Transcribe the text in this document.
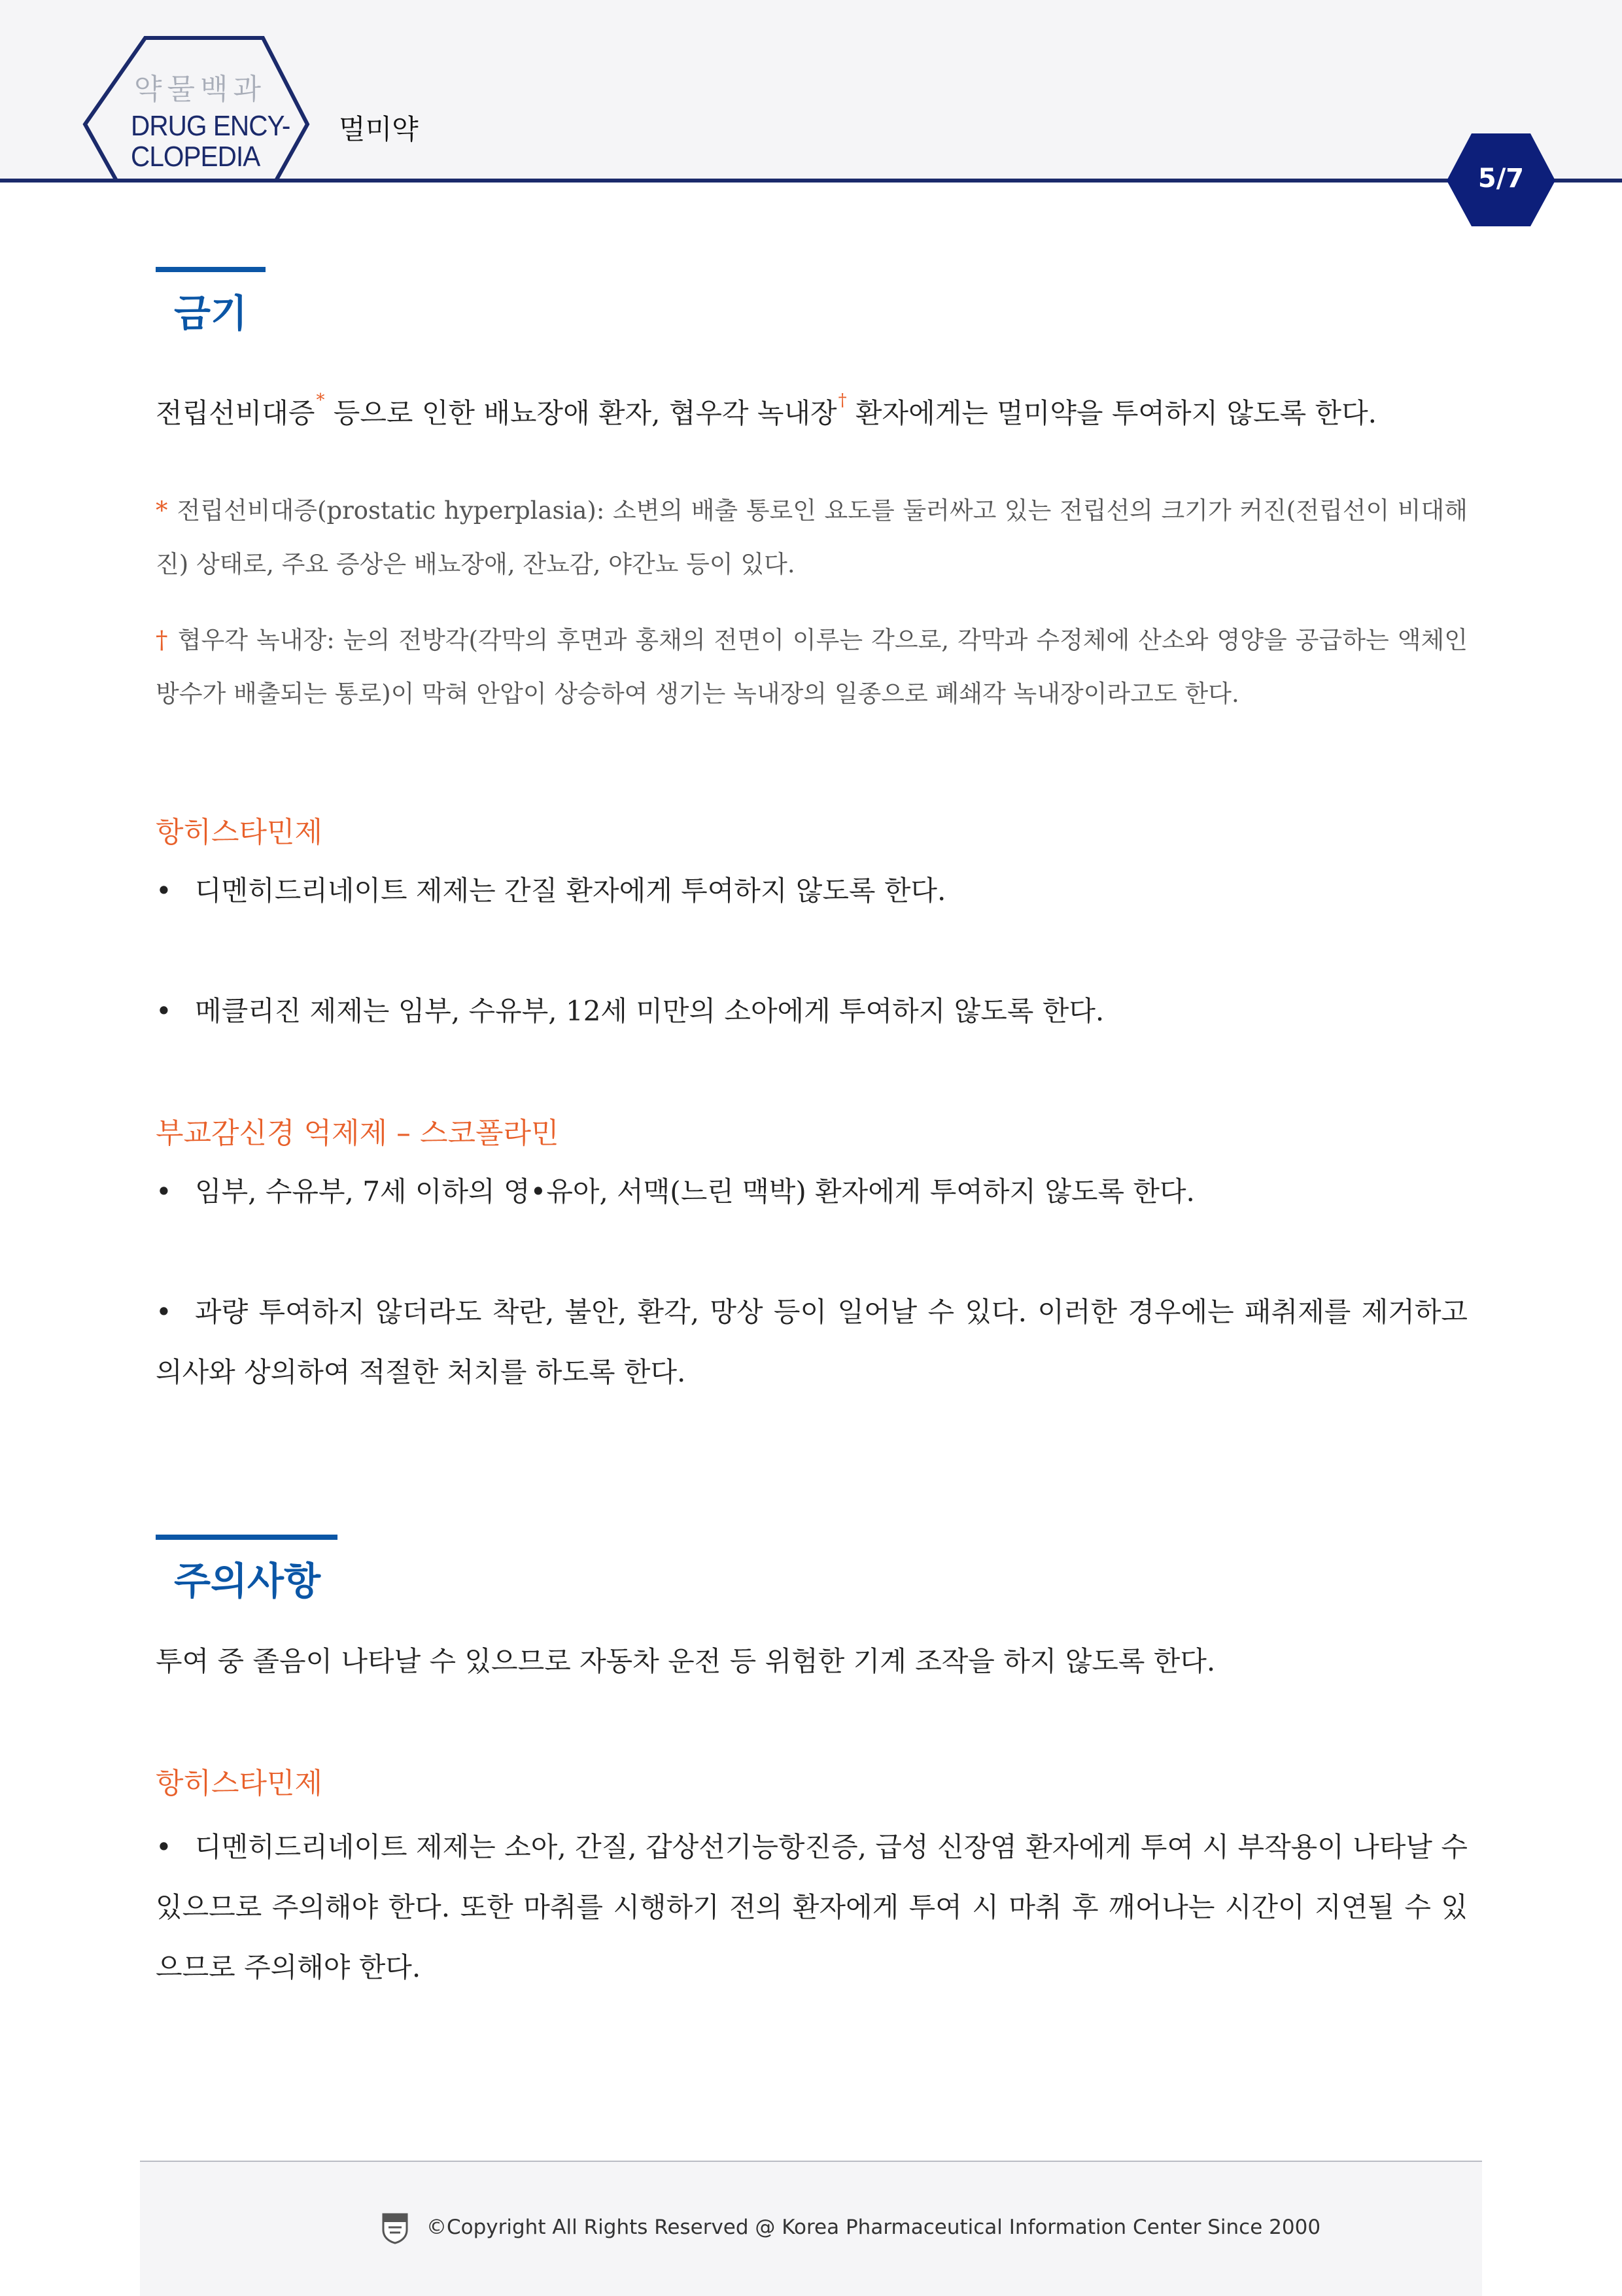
약물백과
DRUG ENCY-
CLOPEDIA
멀미약
5/7
금기
전립선비대증* 등으로 인한 배뇨장애 환자, 협우각 녹내장† 환자에게는 멀미약을 투여하지 않도록 한다.
* 전립선비대증(prostatic hyperplasia): 소변의 배출 통로인 요도를 둘러싸고 있는 전립선의 크기가 커진(전립선이 비대해진) 상태로, 주요 증상은 배뇨장애, 잔뇨감, 야간뇨 등이 있다.
† 협우각 녹내장: 눈의 전방각(각막의 후면과 홍채의 전면이 이루는 각으로, 각막과 수정체에 산소와 영양을 공급하는 액체인 방수가 배출되는 통로)이 막혀 안압이 상승하여 생기는 녹내장의 일종으로 폐쇄각 녹내장이라고도 한다.
항히스타민제
• 디멘히드리네이트 제제는 간질 환자에게 투여하지 않도록 한다.
• 메클리진 제제는 임부, 수유부, 12세 미만의 소아에게 투여하지 않도록 한다.
부교감신경 억제제 – 스코폴라민
• 임부, 수유부, 7세 이하의 영•유아, 서맥(느린 맥박) 환자에게 투여하지 않도록 한다.
• 과량 투여하지 않더라도 착란, 불안, 환각, 망상 등이 일어날 수 있다. 이러한 경우에는 패취제를 제거하고 의사와 상의하여 적절한 처치를 하도록 한다.
주의사항
투여 중 졸음이 나타날 수 있으므로 자동차 운전 등 위험한 기계 조작을 하지 않도록 한다.
항히스타민제
• 디멘히드리네이트 제제는 소아, 간질, 갑상선기능항진증, 급성 신장염 환자에게 투여 시 부작용이 나타날 수 있으므로 주의해야 한다. 또한 마취를 시행하기 전의 환자에게 투여 시 마취 후 깨어나는 시간이 지연될 수 있으므로 주의해야 한다.
©Copyright All Rights Reserved @ Korea Pharmaceutical Information Center Since 2000
